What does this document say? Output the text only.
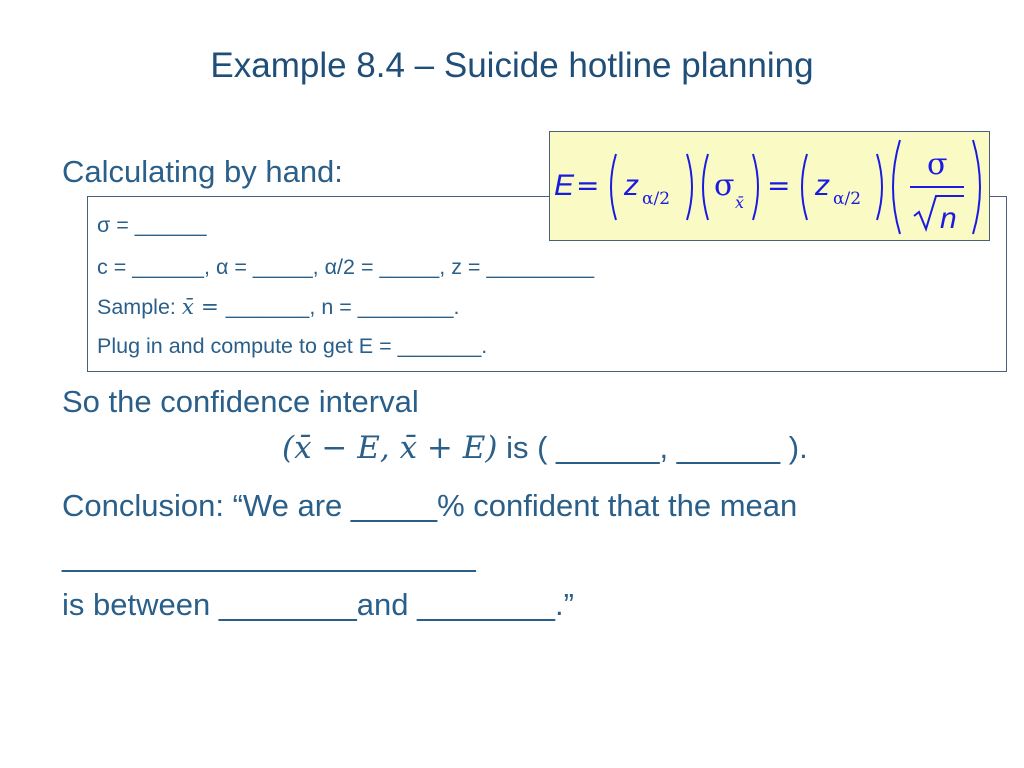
Example 8.4 – Suicide hotline planning
Calculating by hand:
σ = ______
c = ______, α = _____, α/2 = _____, z = _________
Sample: x̄ = _______, n = ________.
Plug in and compute to get E = _______.
E = z α/2 σ x̄
= z α/2
σ
n
So the confidence interval
(x̄ − E, x̄ + E) is ( ______, ______ ).
Conclusion: “We are _____% confident that the mean
________________________
is between ________and ________.”
